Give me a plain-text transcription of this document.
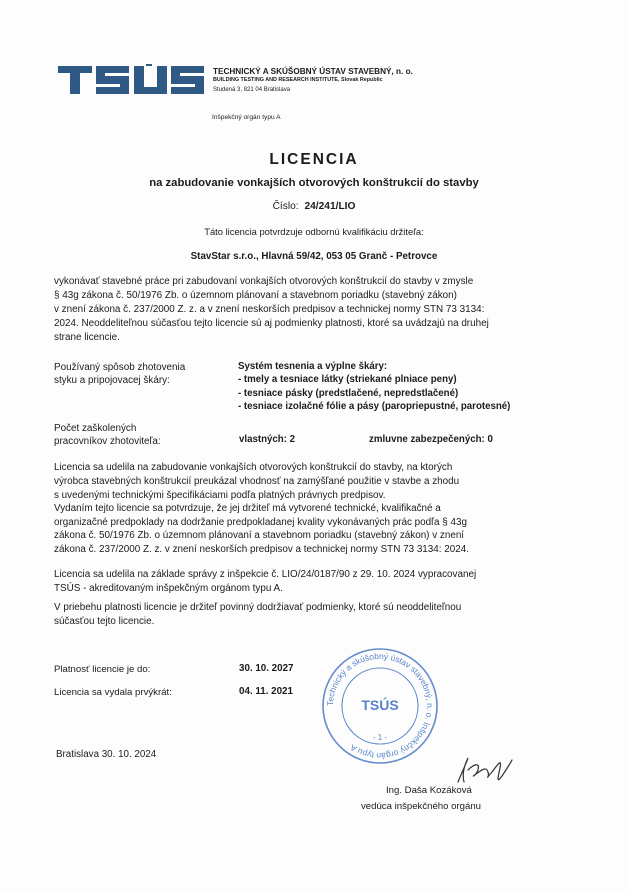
TECHNICKÝ A SKÚŠOBNÝ ÚSTAV STAVEBNÝ, n. o.
BUILDING TESTING AND RESEARCH INSTITUTE, Slovak Republic
Studená 3, 821 04 Bratislava
Inšpekčný orgán typu A
LICENCIA
na zabudovanie vonkajších otvorových konštrukcií do stavby
Číslo: 24/241/LIO
Táto licencia potvrdzuje odbornú kvalifikáciu držiteľa:
StavStar s.r.o., Hlavná 59/42, 053 05 Granč - Petrovce
vykonávať stavebné práce pri zabudovaní vonkajších otvorových konštrukcií do stavby v zmysle
§ 43g zákona č. 50/1976 Zb. o územnom plánovaní a stavebnom poriadku (stavebný zákon)
v znení zákona č. 237/2000 Z. z. a v znení neskorších predpisov a technickej normy STN 73 3134:
2024. Neoddeliteľnou súčasťou tejto licencie sú aj podmienky platnosti, ktoré sa uvádzajú na druhej
strane licencie.
Používaný spôsob zhotovenia
styku a pripojovacej škáry:
Systém tesnenia a výplne škáry:
- tmely a tesniace látky (striekané plniace peny)
- tesniace pásky (predstlačené, nepredstlačené)
- tesniace izolačné fólie a pásy (paropriepustné, parotesné)
Počet zaškolených
pracovníkov zhotoviteľa:	vlastných: 2	zmluvne zabezpečených: 0
Licencia sa udelila na zabudovanie vonkajších otvorových konštrukcií do stavby, na ktorých
výrobca stavebných konštrukcií preukázal vhodnosť na zamýšľané použitie v stavbe a zhodu
s uvedenými technickými špecifikáciami podľa platných právnych predpisov.
Vydaním tejto licencie sa potvrdzuje, že jej držiteľ má vytvorené technické, kvalifikačné a
organizačné predpoklady na dodržanie predpokladanej kvality vykonávaných prác podľa § 43g
zákona č. 50/1976 Zb. o územnom plánovaní a stavebnom poriadku (stavebný zákon) v znení
zákona č. 237/2000 Z. z. v znení neskorších predpisov a technickej normy STN 73 3134: 2024.
Licencia sa udelila na základe správy z inšpekcie č. LIO/24/0187/90 z 29. 10. 2024 vypracovanej
TSÚS - akreditovaným inšpekčným orgánom typu A.
V priebehu platnosti licencie je držiteľ povinný dodržiavať podmienky, ktoré sú neoddeliteľnou
súčasťou tejto licencie.
Platnosť licencie je do:	30. 10. 2027
Licencia sa vydala prvýkrát:	04. 11. 2021
Technický a skúšobný ústav stavebný, n. o. Inšpekčný orgán typu A
TSÚS
- 1 -
Bratislava 30. 10. 2024
Ing. Daša Kozáková
vedúca inšpekčného orgánu
